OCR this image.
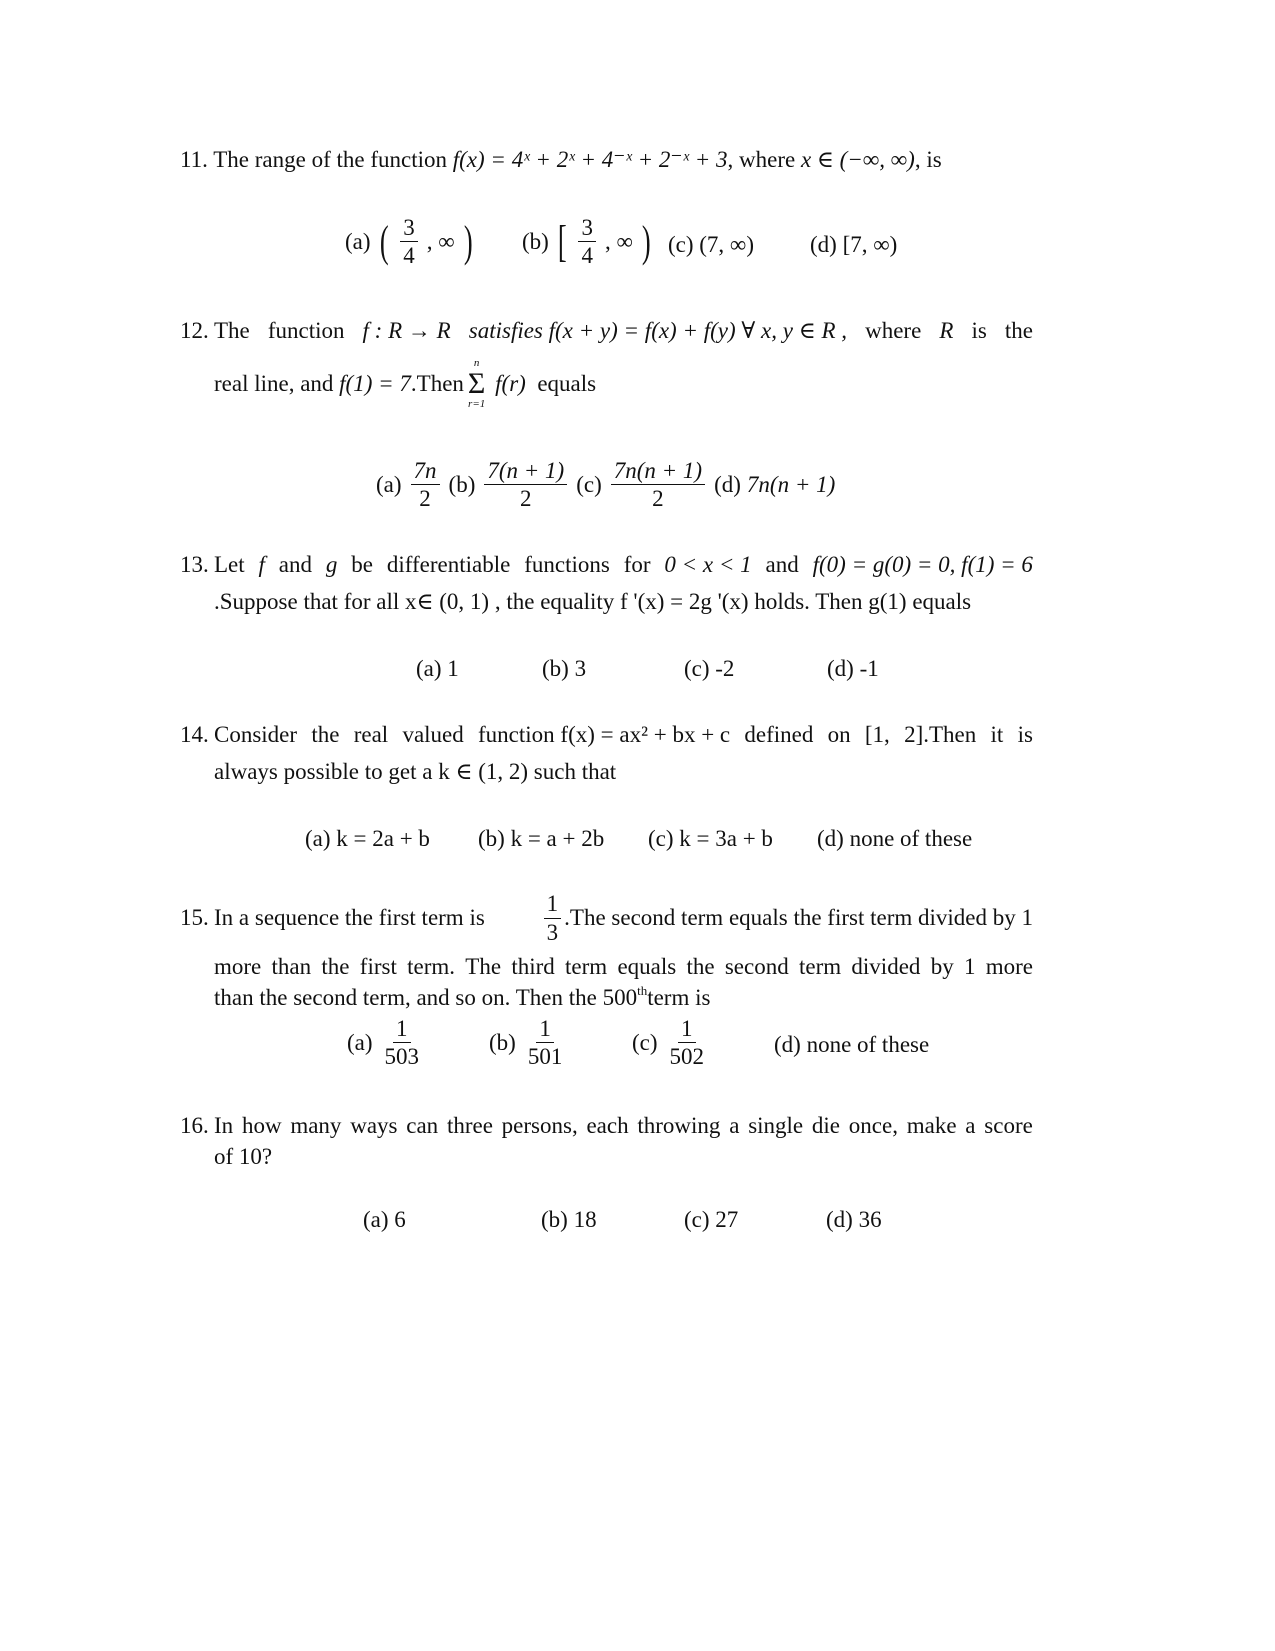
11. The range of the function f(x) = 4ˣ + 2ˣ + 4⁻ˣ + 2⁻ˣ + 3, where x ∈ (−∞, ∞), is
(a) ( $\frac{3}{4}$ , ∞ ) (b) [ $\frac{3}{4}$ , ∞ ) (c) (7, ∞) (d) [7, ∞)
12. The function f : R → R satisfies f(x + y) = f(x) + f(y) ∀ x, y ∈ R , where R is the
real line, and
f(1) = 7 .Then
n
Σ
r=1

f(r)
equals
$(a) \frac{7n}{2} (b) \frac{7(n + 1)}{2} (c) \frac{7n(n + 1)}{2} (d) 7n(n + 1)$
13. Let f and g be differentiable functions for 0 < x < 1 and f(0) = g(0) = 0, f(1) = 6
.Suppose that for all x∈ (0, 1) , the equality f '(x) = 2g '(x) holds. Then g(1) equals
(a) 1	(b) 3	(c) -2	(d) -1
14. Consider the real valued function f(x) = ax² + bx + c defined on [1, 2].Then it is
always possible to get a k ∈ (1, 2) such that
(a) k = 2a + b (b) k = a + 2b (c) k = 3a + b (d) none of these
15. In a sequence the first term is	$\frac{1}{3} .The$ second term equals the first term divided by 1
more than the first term. The third term equals the second term divided by 1 more
than the second term, and so on. Then the 500thterm is
$(a) \frac{1}{503}$	$(b) \frac{1}{501}$	$(c) \frac{1}{502}$	(d) none of these
16. In how many ways can three persons, each throwing a single die once, make a score
of 10?
(a) 6	(b) 18	(c) 27	(d) 36
